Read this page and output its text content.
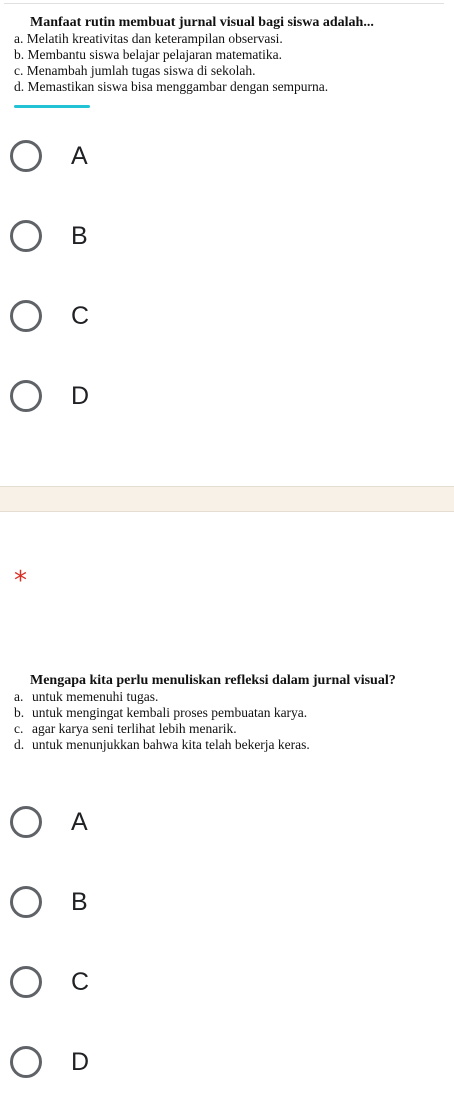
Manfaat rutin membuat jurnal visual bagi siswa adalah...
a. Melatih kreativitas dan keterampilan observasi.
b. Membantu siswa belajar pelajaran matematika.
c. Menambah jumlah tugas siswa di sekolah.
d. Memastikan siswa bisa menggambar dengan sempurna.
A
B
C
D
*
Mengapa kita perlu menuliskan refleksi dalam jurnal visual?
a. untuk memenuhi tugas.
b. untuk mengingat kembali proses pembuatan karya.
c. agar karya seni terlihat lebih menarik.
d. untuk menunjukkan bahwa kita telah bekerja keras.
A
B
C
D
